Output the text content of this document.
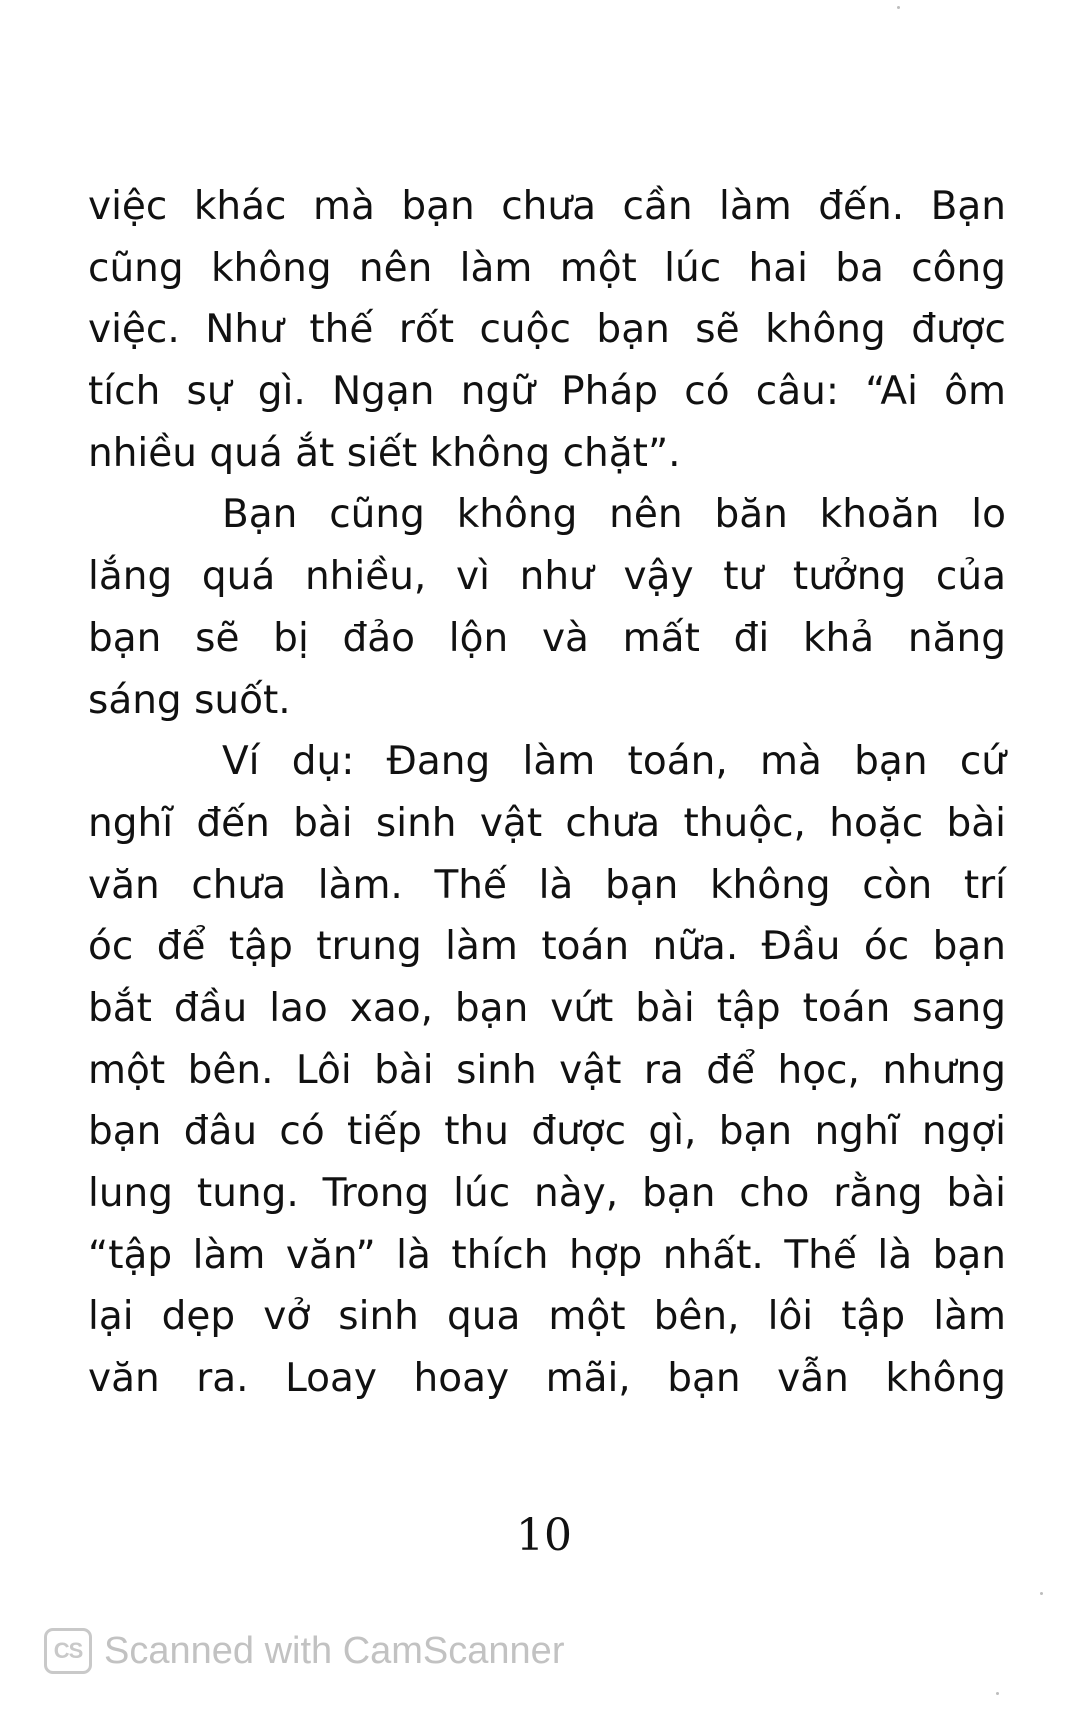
việc khác mà bạn chưa cần làm đến. Bạn
cũng không nên làm một lúc hai ba công
việc. Như thế rốt cuộc bạn sẽ không được
tích sự gì. Ngạn ngữ Pháp có câu: “Ai ôm
nhiều quá ắt siết không chặt”.
Bạn cũng không nên băn khoăn lo
lắng quá nhiều, vì như vậy tư tưởng của
bạn sẽ bị đảo lộn và mất đi khả năng
sáng suốt.
Ví dụ: Đang làm toán, mà bạn cứ
nghĩ đến bài sinh vật chưa thuộc, hoặc bài
văn chưa làm. Thế là bạn không còn trí
óc để tập trung làm toán nữa. Đầu óc bạn
bắt đầu lao xao, bạn vứt bài tập toán sang
một bên. Lôi bài sinh vật ra để học, nhưng
bạn đâu có tiếp thu được gì, bạn nghĩ ngợi
lung tung. Trong lúc này, bạn cho rằng bài
“tập làm văn” là thích hợp nhất. Thế là bạn
lại dẹp vở sinh qua một bên, lôi tập làm
văn ra. Loay hoay mãi, bạn vẫn không
10
CS Scanned with CamScanner
